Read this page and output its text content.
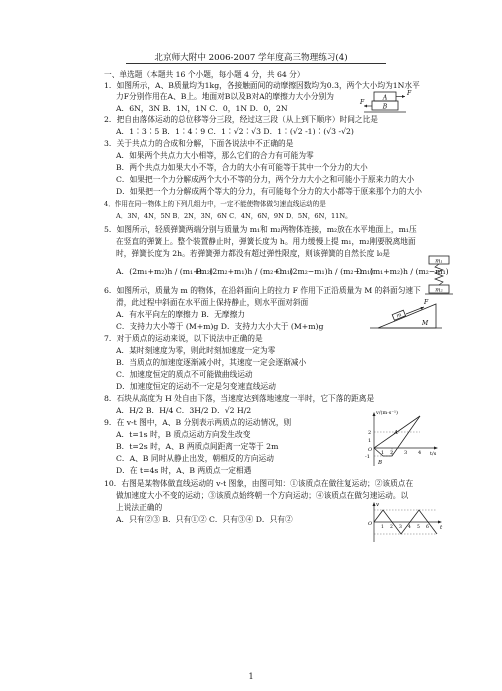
北京师大附中 2006-2007 学年度高三物理练习(4)
一、单选题（本题共 16 个小题，每小题 4 分，共 64 分）
1．如图所示，A、B质量均为1kg，各接触面间的动摩擦因数均为0.3，两个大小均为1N水平
力F分别作用在A、B上。地面对B以及B对A的摩擦力大小分别为
A．6N，3N B．1N，1N C．0，1N D．0，2N
A
B
F
F
2．把自由落体运动的总位移等分三段，经过这三段（从上到下顺序）时间之比是
A．1∶3∶5 B．1∶4∶9 C．1∶√2∶√3 D．1∶(√2 -1)∶(√3 -√2)
3．关于共点力的合成和分解，下面各说法中不正确的是
A．如果两个共点力大小相等，那么它们的合力有可能为零
B．两个共点力如果大小不等，合力的大小有可能等于其中一个分力的大小
C．如果把一个力分解成两个大小不等的分力，两个分力大小之和可能小于原来力的大小
D．如果把一个力分解成两个等大的分力，有可能每个分力的大小都等于原来那个力的大小
4．作用在同一物体上的下列几组力中，一定不能使物体做匀速直线运动的是
A．3N，4N，5N B．2N，3N，6N C．4N，6N，9N D．5N，6N，11N。
5．如图所示，轻质弹簧两端分别与质量为 m₁和 m₂两物体连接，m₂放在水平地面上，m₁压
在竖直的弹簧上。整个装置静止时，弹簧长度为 h。用力缓慢上提 m₁，m₂刚要脱离地面
时，弹簧长度为 2h。若弹簧弹力都没有超过弹性限度，则该弹簧的自然长度 l₀是
A．(2m₁+m₂)h / (m₁+m₂)
B．(2m₂+m₁)h / (m₂+m₁)
C．(2m₂−m₁)h / (m₂−m₁)
D．(m₁+m₂)h / (m₂−m₁)
m₁
m₂
6．如图所示，质量为 m 的物体，在沿斜面向上的拉力 F 作用下正沿质量为 M 的斜面匀速下
滑，此过程中斜面在水平面上保持静止，则水平面对斜面
A．有水平向左的摩擦力 B．无摩擦力
C．支持力大小等于 (M+m)g D．支持力大小大于 (M+m)g
m
F
M
7．对于质点的运动来说，以下说法中正确的是
A．某时刻速度为零，则此时刻加速度一定为零
B．当质点的加速度逐渐减小时，其速度一定会逐渐减小
C．加速度恒定的质点不可能做曲线运动
D．加速度恒定的运动不一定是匀变速直线运动
8．石块从高度为 H 处自由下落，当速度达到落地速度一半时，它下落的距离是
A．H/2 B．H/4 C．3H/2 D．√2 H/2
9．在 v-t 图中，A、B 分别表示两质点的运动情况，则
A．t=1s 时，B 质点运动方向发生改变
B．t=2s 时，A、B 两质点间距离一定等于 2m
C．A、B 同时从静止出发，朝相反的方向运动
D．在 t=4s 时，A、B 两质点一定相遇
v/(m·s⁻¹)
t/s
A
B
O
2
1
-1
1 2 3 4
10．右图是某物体做直线运动的 v-t 图象，由图可知：①该质点在做往复运动；②该质点在
做加速度大小不变的运动；③该质点始终朝一个方向运动；④该质点在做匀速运动。以
上说法正确的
A．只有②③ B．只有①② C．只有③④ D．只有②
v
t
O
1 2 3 4 5 6
1
